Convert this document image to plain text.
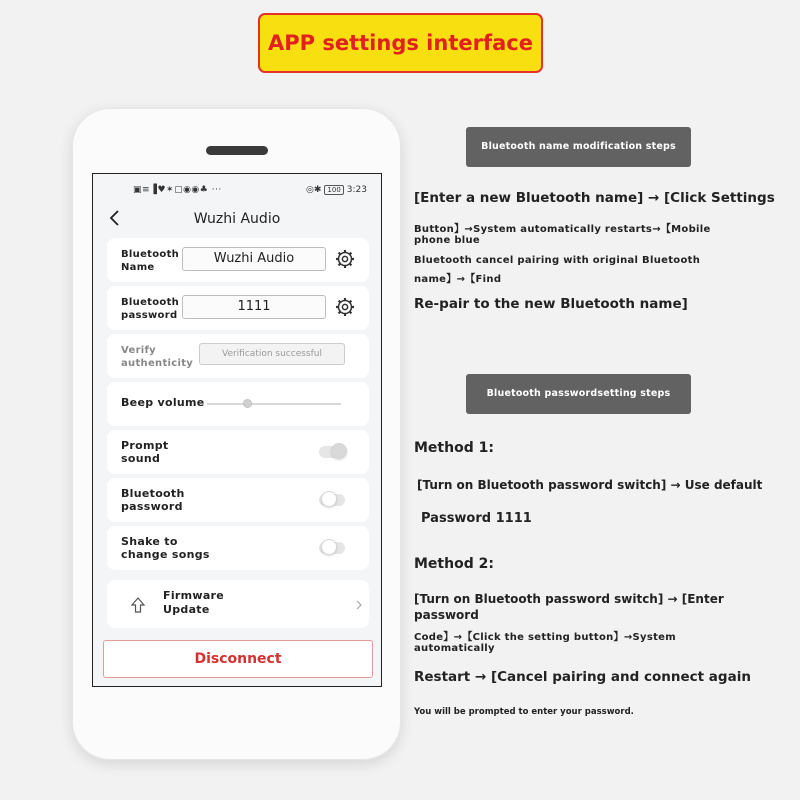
APP settings interface
▣≡▐♥✶▢◉◉♣ ···	◎✱ 100 3:23
Wuzhi Audio
Bluetooth
Name
Wuzhi Audio
Bluetooth
password
1111
Verify
authenticity
Verification successful
Beep volume
Prompt
sound
Bluetooth
password
Shake to
change songs
Firmware
Update
Disconnect
Bluetooth name modification steps
[Enter a new Bluetooth name] → [Click Settings
Button】→System automatically restarts→【Mobile
phone blue
Bluetooth cancel pairing with original Bluetooth
name】→【Find
Re-pair to the new Bluetooth name]
Bluetooth passwordsetting steps
Method 1:
[Turn on Bluetooth password switch] → Use default
Password 1111
Method 2:
[Turn on Bluetooth password switch] → [Enter
password
Code】→【Click the setting button】→System
automatically
Restart → [Cancel pairing and connect again
You will be prompted to enter your password.
